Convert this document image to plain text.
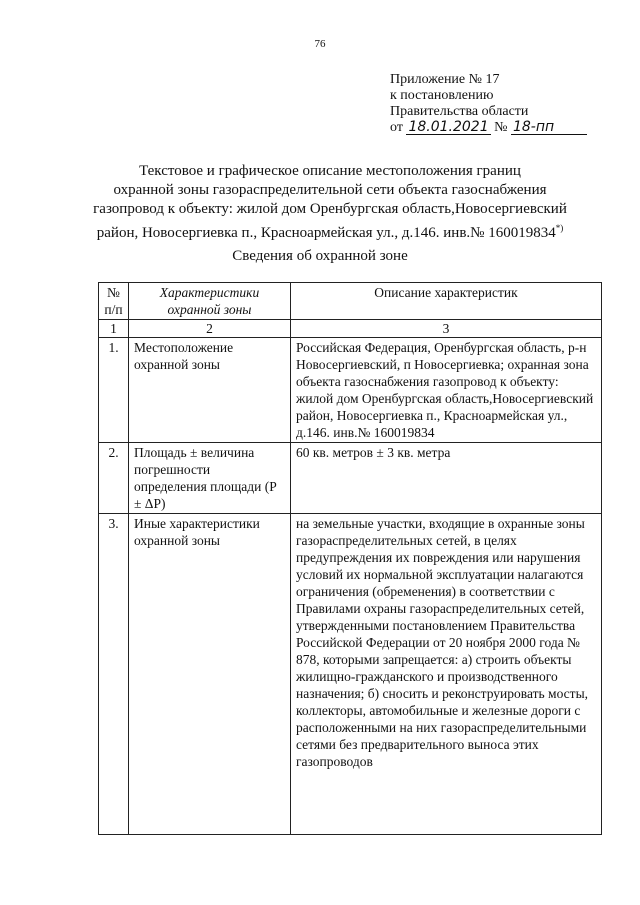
76
Приложение № 17
к постановлению
Правительства области
от 18.01.2021 № 18-пп
Текстовое и графическое описание местоположения границ
охранной зоны газораспределительной сети объекта газоснабжения
газопровод к объекту: жилой дом Оренбургская область,Новосергиевский
район, Новосергиевка п., Красноармейская ул., д.146. инв.№ 160019834*)
Сведения об охранной зоне
№ п/п	Характеристики охранной зоны	Описание характеристик
1	2	3
1.	Местоположение охранной зоны	Российская Федерация, Оренбургская область, р-н Новосергиевский, п Новосергиевка; охранная зона объекта газоснабжения газопровод к объекту: жилой дом Оренбургская область,Новосергиевский район, Новосергиевка п., Красноармейская ул., д.146. инв.№ 160019834
2.	Площадь ± величина погрешности определения площади (P ± ΔP)	60 кв. метров ± 3 кв. метра
3.	Иные характеристики охранной зоны	на земельные участки, входящие в охранные зоны газораспределительных сетей, в целях предупреждения их повреждения или нарушения условий их нормальной эксплуатации налагаются ограничения (обременения) в соответствии с Правилами охраны газораспределительных сетей, утвержденными постановлением Правительства Российской Федерации от 20 ноября 2000 года № 878, которыми запрещается: а) строить объекты жилищно-гражданского и производственного назначения; б) сносить и реконструировать мосты, коллекторы, автомобильные и железные дороги с расположенными на них газораспределительными сетями без предварительного выноса этих газопроводов
